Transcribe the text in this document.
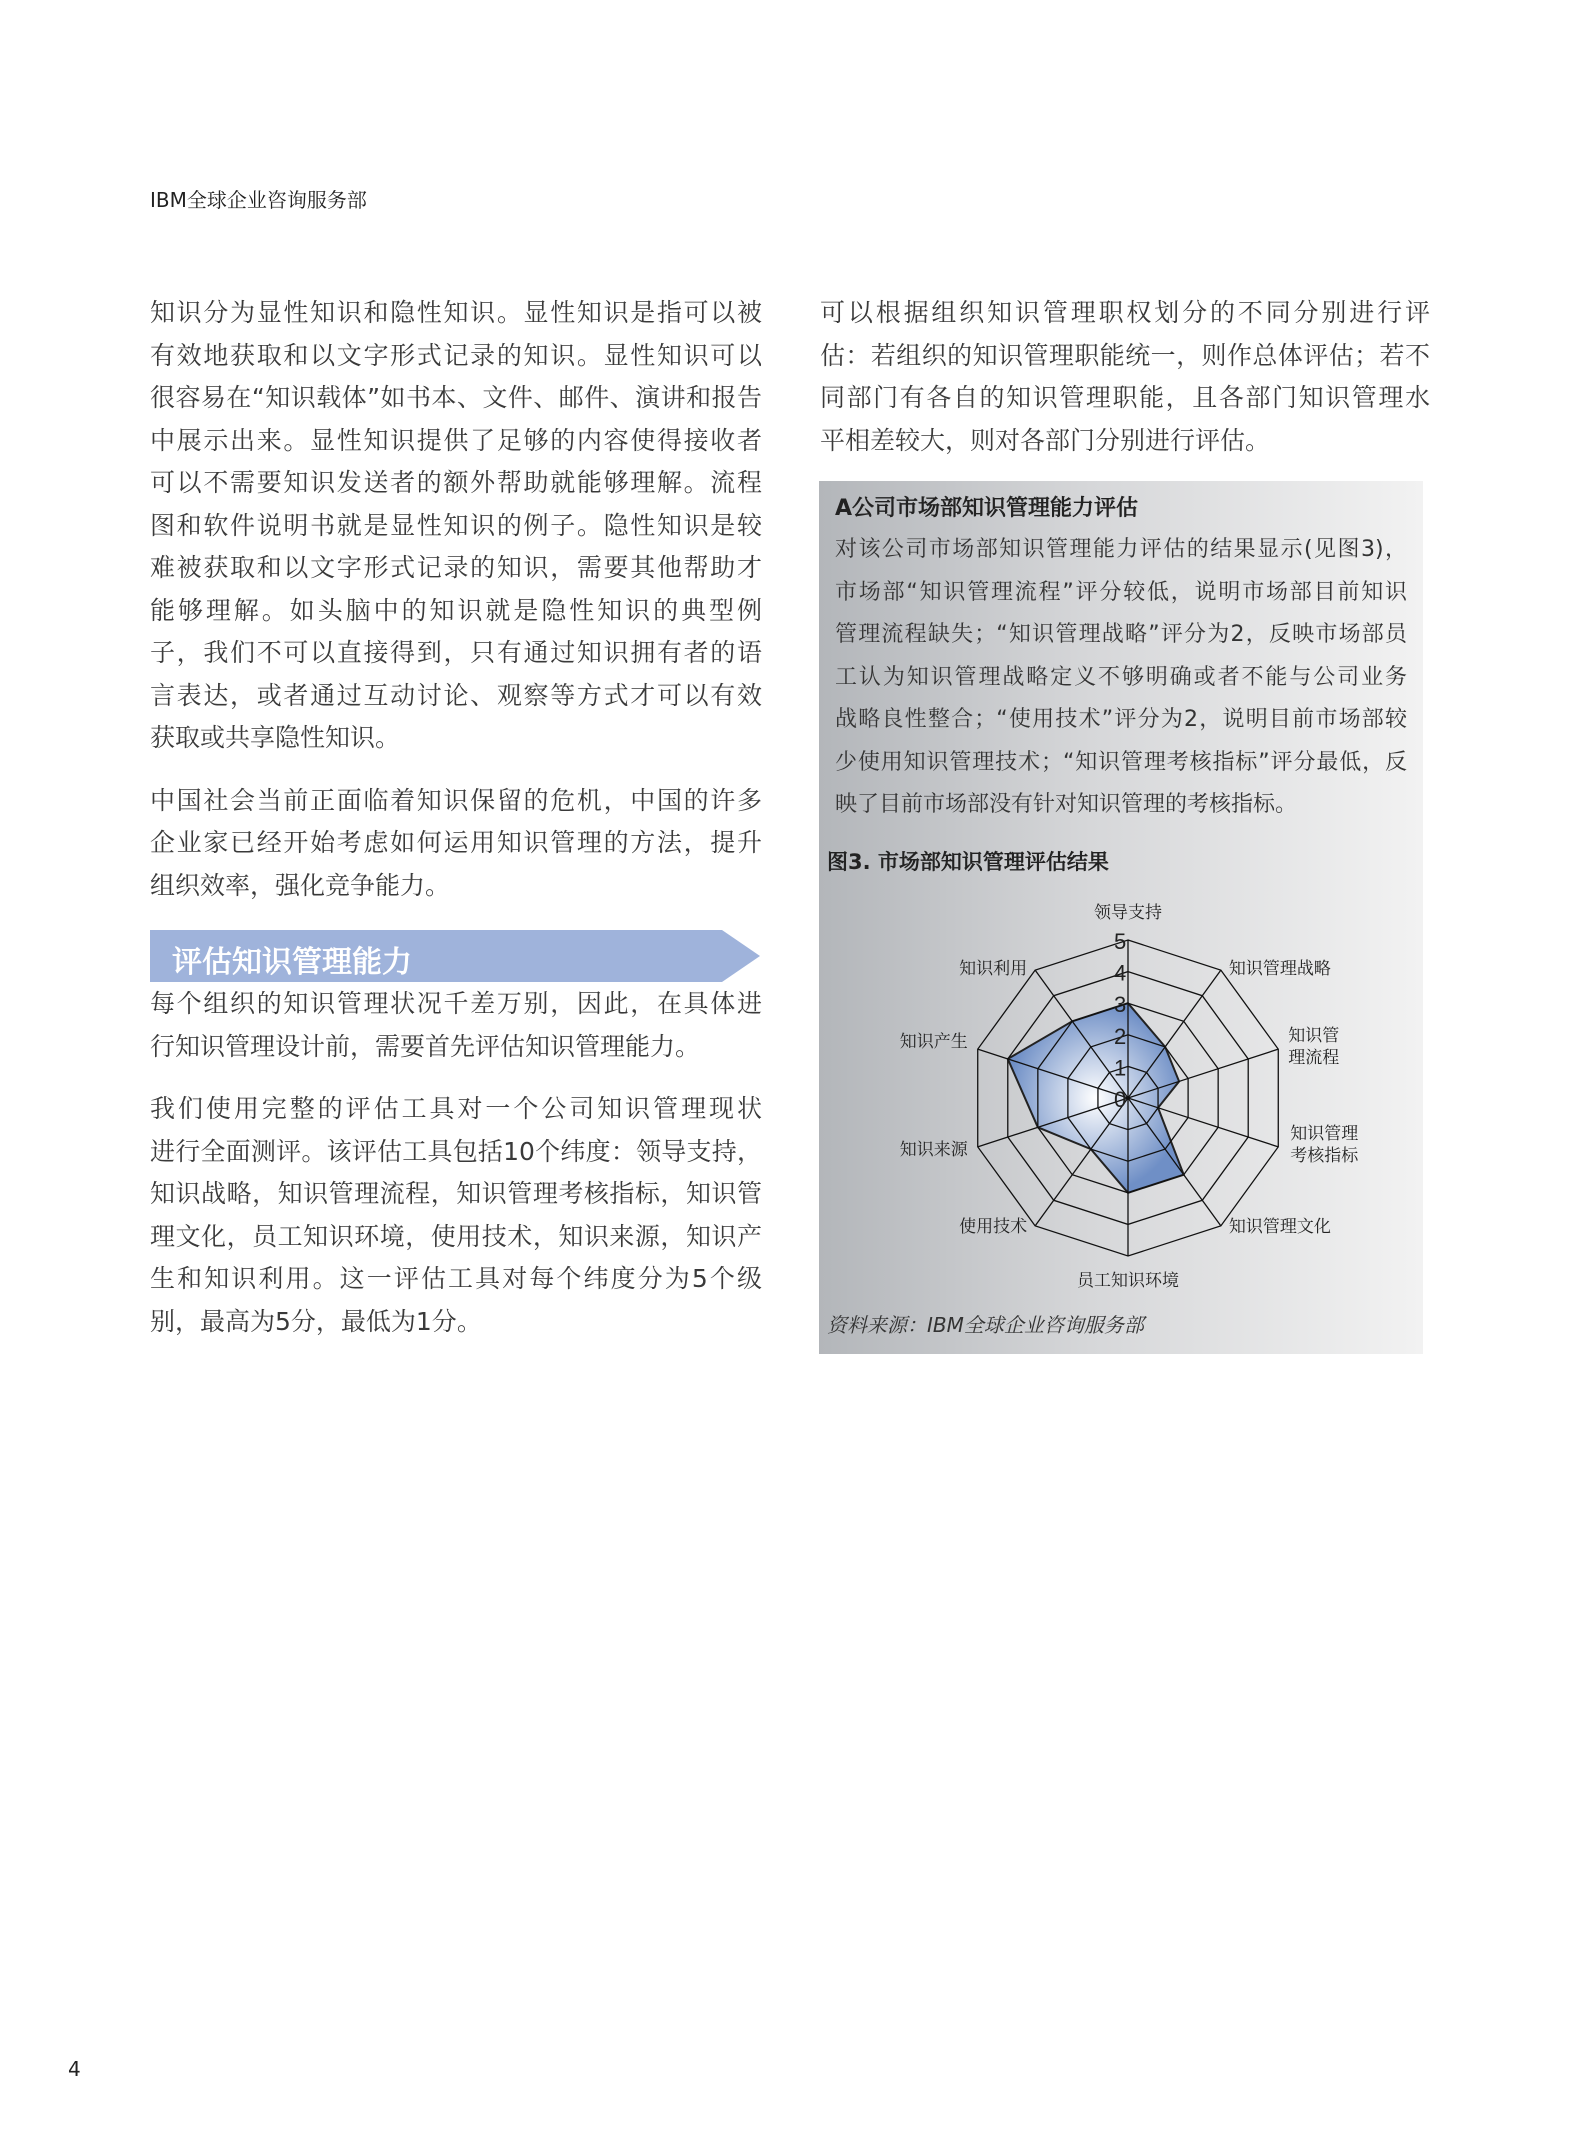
IBM全球企业咨询服务部
知识分为显性知识和隐性知识。显性知识是指可以被
有效地获取和以文字形式记录的知识。显性知识可以
很容易在“知识载体”如书本、文件、邮件、演讲和报告
中展示出来。显性知识提供了足够的内容使得接收者
可以不需要知识发送者的额外帮助就能够理解。流程
图和软件说明书就是显性知识的例子。隐性知识是较
难被获取和以文字形式记录的知识，需要其他帮助才
能够理解。如头脑中的知识就是隐性知识的典型例
子，我们不可以直接得到，只有通过知识拥有者的语
言表达，或者通过互动讨论、观察等方式才可以有效
获取或共享隐性知识。
中国社会当前正面临着知识保留的危机，中国的许多
企业家已经开始考虑如何运用知识管理的方法，提升
组织效率，强化竞争能力。
评估知识管理能力
每个组织的知识管理状况千差万别，因此，在具体进
行知识管理设计前，需要首先评估知识管理能力。
我们使用完整的评估工具对一个公司知识管理现状
进行全面测评。该评估工具包括10个纬度：领导支持，
知识战略，知识管理流程，知识管理考核指标，知识管
理文化，员工知识环境，使用技术，知识来源，知识产
生和知识利用。这一评估工具对每个纬度分为5个级
别，最高为5分，最低为1分。
可以根据组织知识管理职权划分的不同分别进行评
估：若组织的知识管理职能统一，则作总体评估；若不
同部门有各自的知识管理职能，且各部门知识管理水
平相差较大，则对各部门分别进行评估。
A公司市场部知识管理能力评估
对该公司市场部知识管理能力评估的结果显示(见图3)，
市场部“知识管理流程”评分较低，说明市场部目前知识
管理流程缺失；“知识管理战略”评分为2，反映市场部员
工认为知识管理战略定义不够明确或者不能与公司业务
战略良性整合；“使用技术”评分为2，说明目前市场部较
少使用知识管理技术；“知识管理考核指标”评分最低，反
映了目前市场部没有针对知识管理的考核指标。
图3. 市场部知识管理评估结果
0
1
2
3
4
5
领导支持
知识管理战略
知识管
理流程
知识管理
考核指标
知识管理文化
员工知识环境
使用技术
知识来源
知识产生
知识利用
资料来源：IBM全球企业咨询服务部
4
